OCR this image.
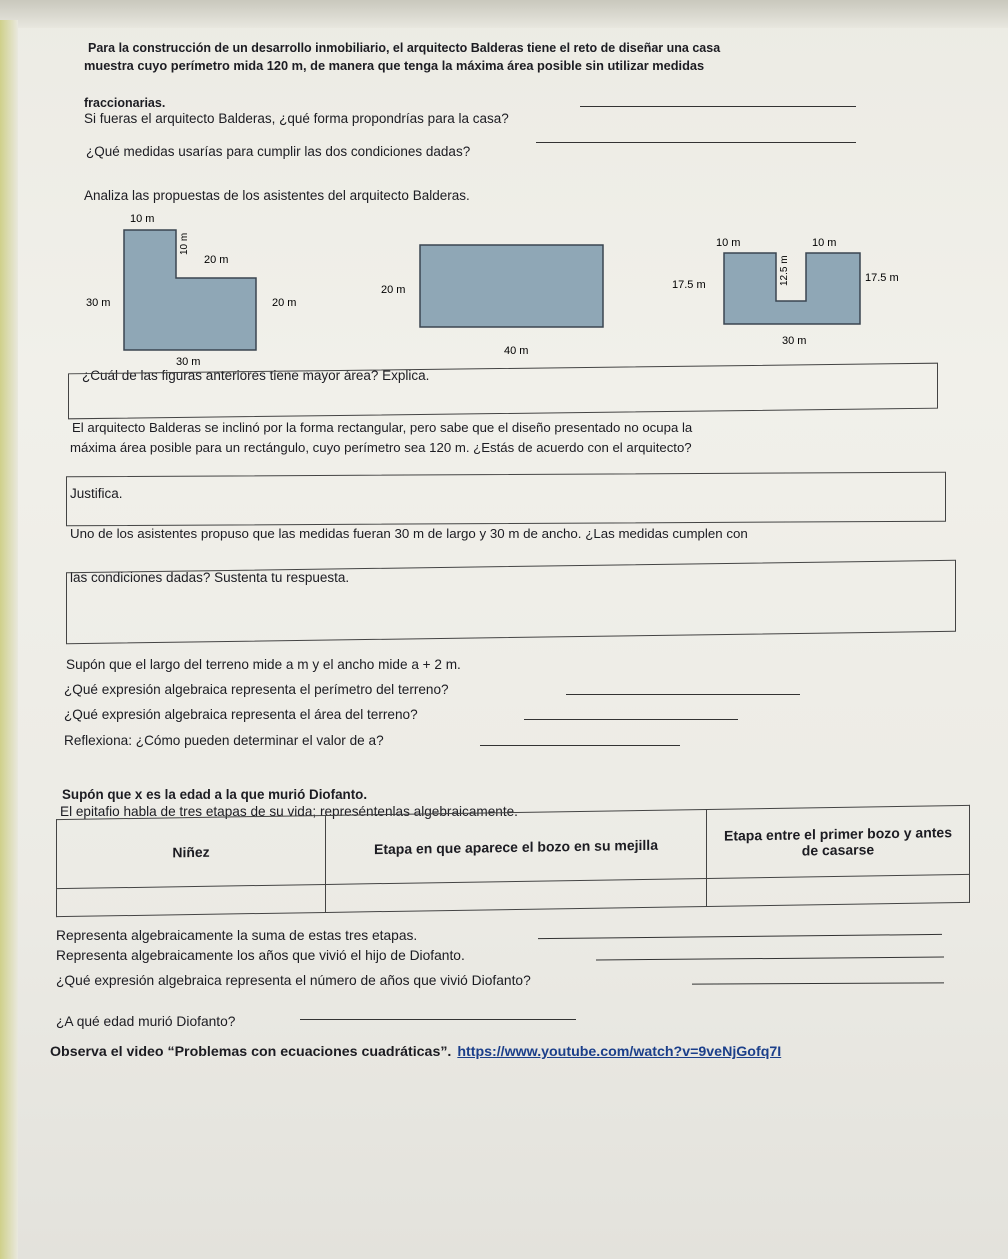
Para la construcción de un desarrollo inmobiliario, el arquitecto Balderas tiene el reto de diseñar una casa
muestra cuyo perímetro mida 120 m, de manera que tenga la máxima área posible sin utilizar medidas
fraccionarias.
Si fueras el arquitecto Balderas, ¿qué forma propondrías para la casa?
¿Qué medidas usarías para cumplir las dos condiciones dadas?
Analiza las propuestas de los asistentes del arquitecto Balderas.
10 m
10 m
20 m
30 m	20 m
30 m
20 m
40 m
10 m	10 m
17.5 m	12.5 m	17.5 m
30 m
¿Cuál de las figuras anteriores tiene mayor área? Explica.
El arquitecto Balderas se inclinó por la forma rectangular, pero sabe que el diseño presentado no ocupa la
máxima área posible para un rectángulo, cuyo perímetro sea 120 m. ¿Estás de acuerdo con el arquitecto?
Justifica.
Uno de los asistentes propuso que las medidas fueran 30 m de largo y 30 m de ancho. ¿Las medidas cumplen con
las condiciones dadas? Sustenta tu respuesta.
Supón que el largo del terreno mide a m y el ancho mide a + 2 m.
¿Qué expresión algebraica representa el perímetro del terreno?
¿Qué expresión algebraica representa el área del terreno?
Reflexiona: ¿Cómo pueden determinar el valor de a?
Supón que x es la edad a la que murió Diofanto.
El epitafio habla de tres etapas de su vida; represéntenlas algebraicamente.
Niñez	Etapa en que aparece el bozo en su mejilla	Etapa entre el primer bozo y antes de casarse

Representa algebraicamente la suma de estas tres etapas.
Representa algebraicamente los años que vivió el hijo de Diofanto.
¿Qué expresión algebraica representa el número de años que vivió Diofanto?
¿A qué edad murió Diofanto?
Observa el video “Problemas con ecuaciones cuadráticas”. https://www.youtube.com/watch?v=9veNjGofq7I
